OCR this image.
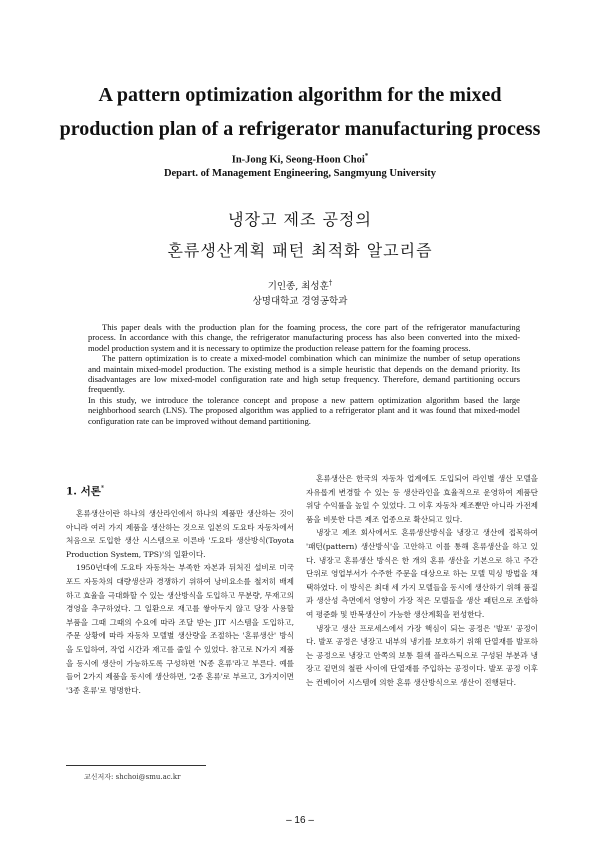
A pattern optimization algorithm for the mixed
production plan of a refrigerator manufacturing process
In-Jong Ki, Seong-Hoon Choi*
Depart. of Management Engineering, Sangmyung University
냉장고 제조 공정의
혼류생산계획 패턴 최적화 알고리즘
기인종, 최성훈†
상명대학교 경영공학과

This paper deals with the production plan for the foaming process, the core part of the refrigerator manufacturing process. In accordance with this change, the refrigerator manufacturing process has also been converted into the mixed-model production system and it is necessary to optimize the production release pattern for the foaming process.

The pattern optimization is to create a mixed-model combination which can minimize the number of setup operations and maintain mixed-model production. The existing method is a simple heuristic that depends on the demand priority. Its disadvantages are low mixed-model configuration rate and high setup frequency. Therefore, demand partitioning occurs frequently.

In this study, we introduce the tolerance concept and propose a new pattern optimization algorithm based the large neighborhood search (LNS). The proposed algorithm was applied to a refrigerator plant and it was found that mixed-model configuration rate can be improved without demand partitioning.

1. 서론*

혼류생산이란 하나의 생산라인에서 하나의 제품만 생산하는 것이 아니라 여러 가지 제품을 생산하는 것으로 일본의 도요타 자동차에서 처음으로 도입한 생산 시스템으로 이른바 '도요타 생산방식(Toyota Production System, TPS)'의 일환이다.

1950년대에 도요타 자동차는 부족한 자본과 뒤처진 설비로 미국 포드 자동차의 대량생산과 경쟁하기 위하여 낭비요소를 철저히 배제하고 효율을 극대화할 수 있는 생산방식을 도입하고 무분량, 무재고의 경영을 추구하였다. 그 일환으로 재고를 쌓아두지 않고 당장 사용할 부품을 그때 그때의 수요에 따라 조달 받는 JIT 시스템을 도입하고, 주문 상황에 따라 자동차 모델별 생산량을 조절하는 '혼류생산' 방식을 도입하여, 작업 시간과 재고를 줄일 수 있었다. 참고로 N가지 제품을 동시에 생산이 가능하도록 구성하면 'N종 혼류'라고 부른다. 예를 들어 2가지 제품을 동시에 생산하면, '2종 혼류'로 부르고, 3가지이면 '3종 혼류'로 명명한다.

혼류생산은 한국의 자동차 업계에도 도입되어 라인별 생산 모델을 자유롭게 변경할 수 있는 등 생산라인을 효율적으로 운영하여 제품단위당 수익률을 높일 수 있었다. 그 이후 자동차 제조뿐만 아니라 가전제품을 비롯한 다른 제조 업종으로 확산되고 있다.

냉장고 제조 회사에서도 혼류생산방식을 냉장고 생산에 접목하여 '패턴(pattern) 생산방식'을 고안하고 이를 통해 혼류생산을 하고 있다. 냉장고 혼류생산 방식은 한 개의 혼류 생산을 기본으로 하고 주간 단위로 영업부서가 수주한 주문을 대상으로 하는 모델 믹싱 방법을 채택하였다. 이 방식은 최대 세 가지 모델들을 동시에 생산하기 위해 품질과 생산성 측면에서 영향이 가장 적은 모델들을 생산 패턴으로 조합하여 평준화 및 반복생산이 가능한 생산계획을 편성한다.

냉장고 생산 프로세스에서 가장 핵심이 되는 공정은 '발포' 공정이다. 발포 공정은 냉장고 내부의 냉기를 보호하기 위해 단열재를 발포하는 공정으로 냉장고 안쪽의 보통 흰색 플라스틱으로 구성된 부분과 냉장고 겉면의 철판 사이에 단열재를 주입하는 공정이다. 발포 공정 이후는 컨베이어 시스템에 의한 혼류 생산방식으로 생산이 진행된다.

교신저자: shchoi@smu.ac.kr
– 16 –
